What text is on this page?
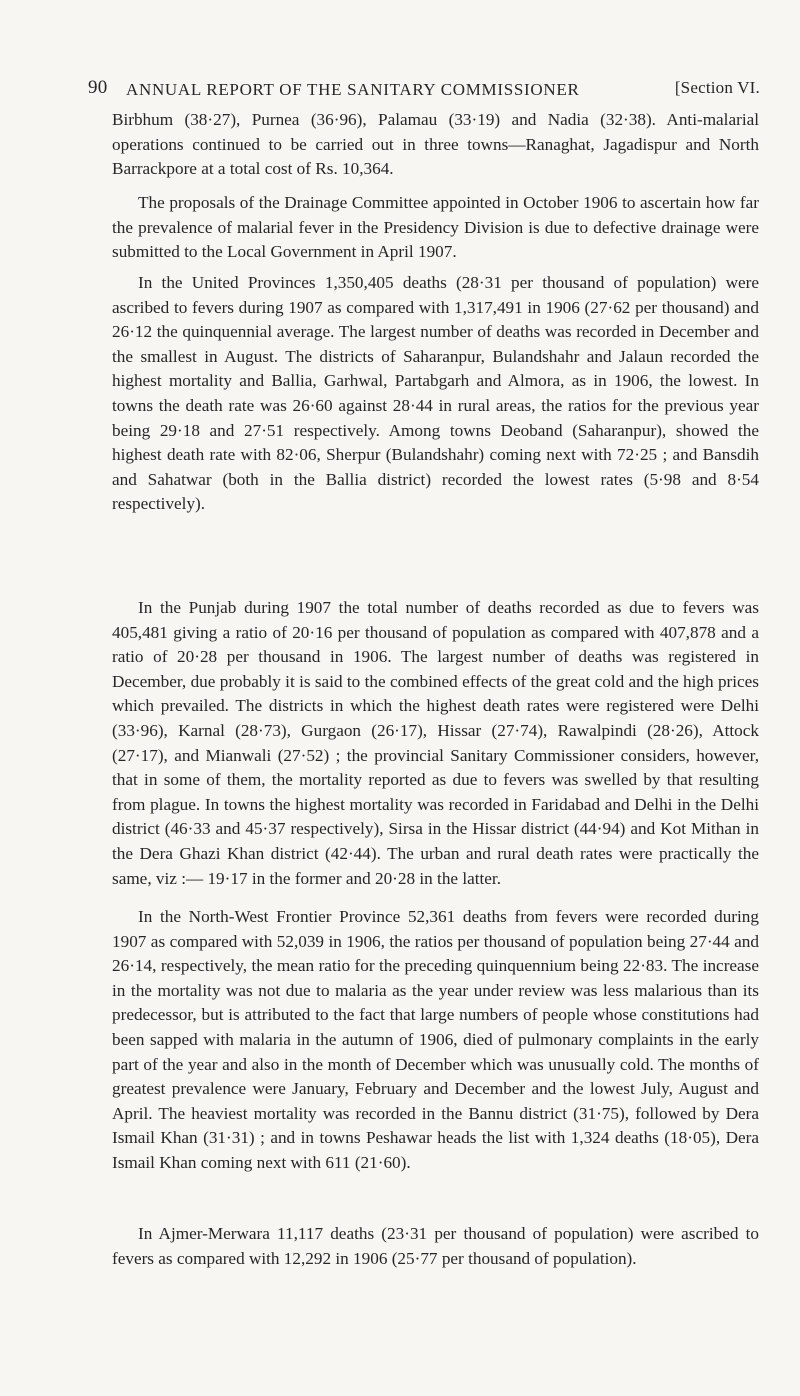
90 ANNUAL REPORT OF THE SANITARY COMMISSIONER	[Section VI.

Birbhum (38·27), Purnea (36·96), Palamau (33·19) and Nadia (32·38). Anti-malarial operations continued to be carried out in three towns—Ranaghat, Jagadispur and North Barrackpore at a total cost of Rs. 10,364.

The proposals of the Drainage Committee appointed in October 1906 to ascertain how far the prevalence of malarial fever in the Presidency Division is due to defective drainage were submitted to the Local Government in April 1907.

In the United Provinces 1,350,405 deaths (28·31 per thousand of population) were ascribed to fevers during 1907 as compared with 1,317,491 in 1906 (27·62 per thousand) and 26·12 the quinquennial average. The largest number of deaths was recorded in December and the smallest in August. The districts of Saharanpur, Bulandshahr and Jalaun recorded the highest mortality and Ballia, Garhwal, Partabgarh and Almora, as in 1906, the lowest. In towns the death rate was 26·60 against 28·44 in rural areas, the ratios for the previous year being 29·18 and 27·51 respectively. Among towns Deoband (Saharanpur), showed the highest death rate with 82·06, Sherpur (Bulandshahr) coming next with 72·25 ; and Bansdih and Sahatwar (both in the Ballia district) recorded the lowest rates (5·98 and 8·54 respectively).

In the Punjab during 1907 the total number of deaths recorded as due to fevers was 405,481 giving a ratio of 20·16 per thousand of population as compared with 407,878 and a ratio of 20·28 per thousand in 1906. The largest number of deaths was registered in December, due probably it is said to the combined effects of the great cold and the high prices which prevailed. The districts in which the highest death rates were registered were Delhi (33·96), Karnal (28·73), Gurgaon (26·17), Hissar (27·74), Rawalpindi (28·26), Attock (27·17), and Mianwali (27·52) ; the provincial Sanitary Commissioner considers, however, that in some of them, the mortality reported as due to fevers was swelled by that resulting from plague. In towns the highest mortality was recorded in Faridabad and Delhi in the Delhi district (46·33 and 45·37 respectively), Sirsa in the Hissar district (44·94) and Kot Mithan in the Dera Ghazi Khan district (42·44). The urban and rural death rates were practically the same, viz :— 19·17 in the former and 20·28 in the latter.

In the North-West Frontier Province 52,361 deaths from fevers were recorded during 1907 as compared with 52,039 in 1906, the ratios per thousand of population being 27·44 and 26·14, respectively, the mean ratio for the preceding quinquennium being 22·83. The increase in the mortality was not due to malaria as the year under review was less malarious than its predecessor, but is attributed to the fact that large numbers of people whose constitutions had been sapped with malaria in the autumn of 1906, died of pulmonary complaints in the early part of the year and also in the month of December which was unusually cold. The months of greatest prevalence were January, February and December and the lowest July, August and April. The heaviest mortality was recorded in the Bannu district (31·75), followed by Dera Ismail Khan (31·31) ; and in towns Peshawar heads the list with 1,324 deaths (18·05), Dera Ismail Khan coming next with 611 (21·60).

In Ajmer-Merwara 11,117 deaths (23·31 per thousand of population) were ascribed to fevers as compared with 12,292 in 1906 (25·77 per thousand of population).
